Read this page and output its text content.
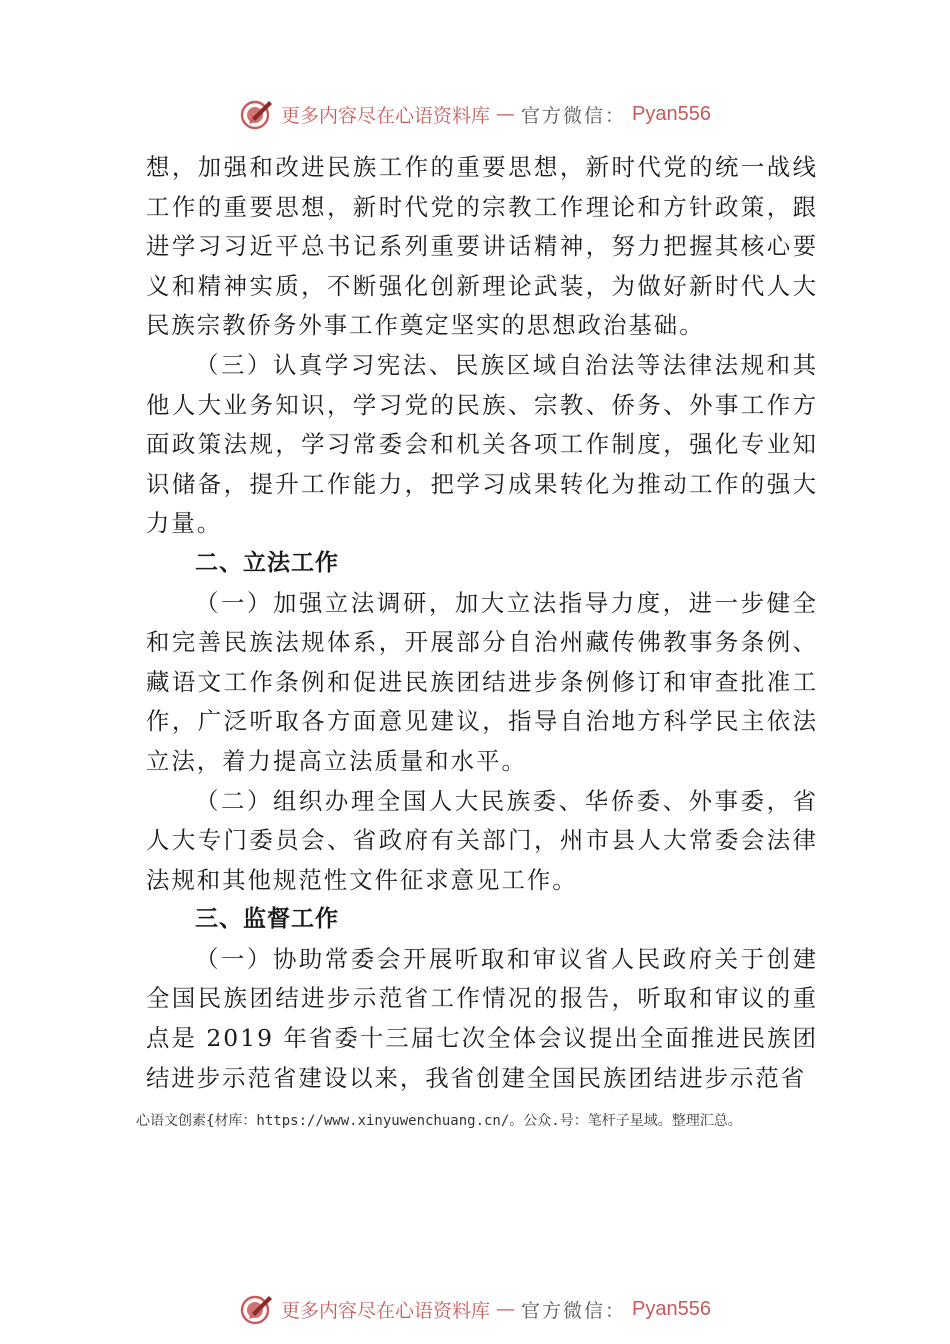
更多内容尽在心语资料库 — 官方微信： Pyan556

想，加强和改进民族工作的重要思想，新时代党的统一战线工作的重要思想，新时代党的宗教工作理论和方针政策，跟进学习习近平总书记系列重要讲话精神，努力把握其核心要义和精神实质，不断强化创新理论武装，为做好新时代人大民族宗教侨务外事工作奠定坚实的思想政治基础。

（三）认真学习宪法、民族区域自治法等法律法规和其他人大业务知识，学习党的民族、宗教、侨务、外事工作方面政策法规，学习常委会和机关各项工作制度，强化专业知识储备，提升工作能力，把学习成果转化为推动工作的强大力量。

二、立法工作

（一）加强立法调研，加大立法指导力度，进一步健全和完善民族法规体系，开展部分自治州藏传佛教事务条例、 藏语文工作条例和促进民族团结进步条例修订和审查批准工作，广泛听取各方面意见建议，指导自治地方科学民主依法立法，着力提高立法质量和水平。

（二）组织办理全国人大民族委、华侨委、外事委，省人大专门委员会、省政府有关部门，州市县人大常委会法律法规和其他规范性文件征求意见工作。

三、监督工作

（一）协助常委会开展听取和审议省人民政府关于创建全国民族团结进步示范省工作情况的报告，听取和审议的重点是 2019 年省委十三届七次全体会议提出全面推进民族团结进步示范省建设以来，我省创建全国民族团结进步示范省

心语文创素{材库：https://www.xinyuwenchuang.cn/。公众.号：笔杆子星域。整理汇总。
更多内容尽在心语资料库 — 官方微信： Pyan556
